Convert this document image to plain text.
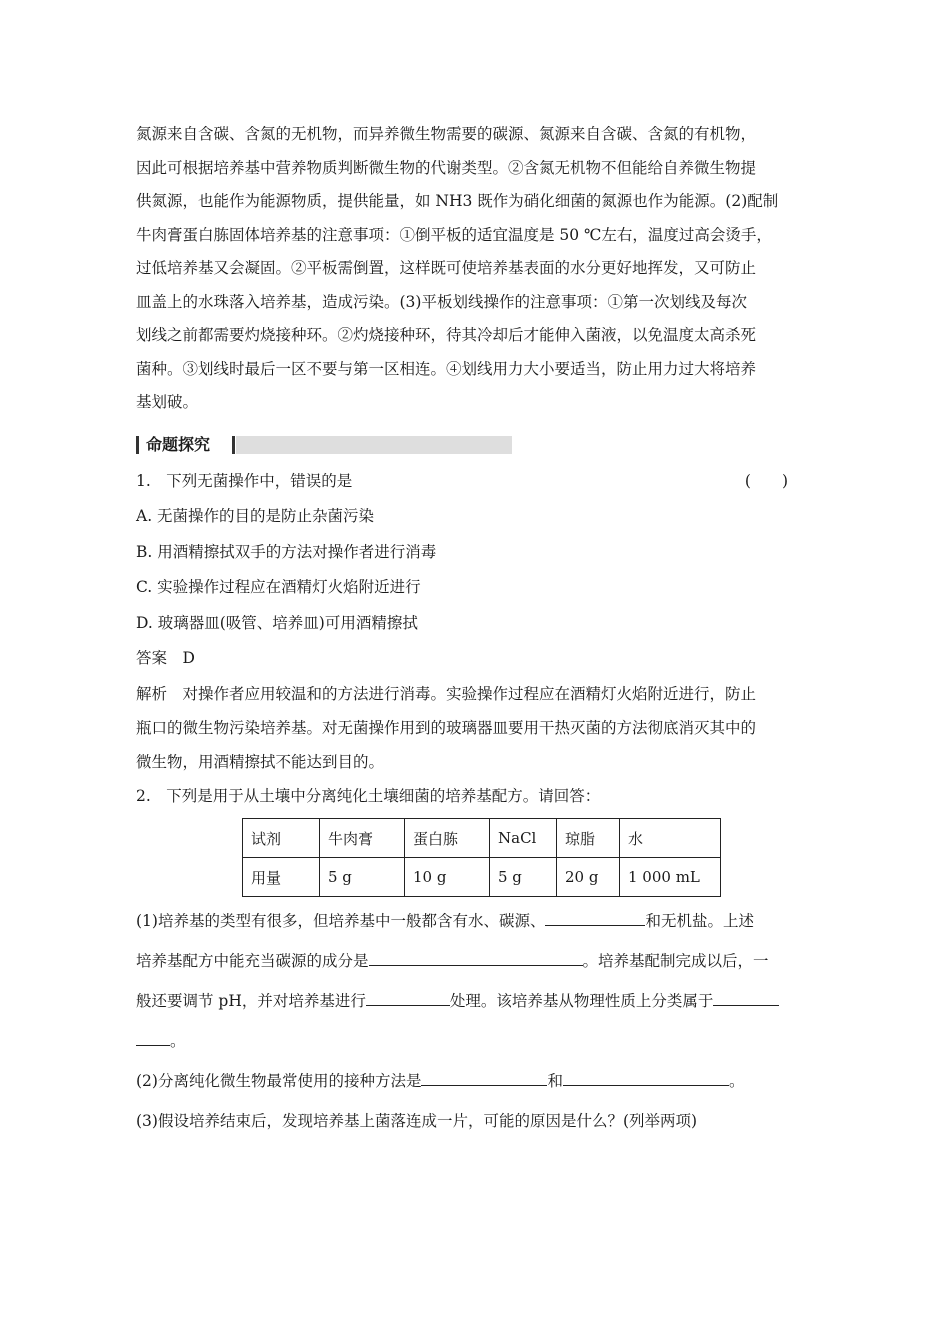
氮源来自含碳、含氮的无机物，而异养微生物需要的碳源、氮源来自含碳、含氮的有机物，

因此可根据培养基中营养物质判断微生物的代谢类型。②含氮无机物不但能给自养微生物提

供氮源，也能作为能源物质，提供能量，如 NH3 既作为硝化细菌的氮源也作为能源。(2)配制

牛肉膏蛋白胨固体培养基的注意事项：①倒平板的适宜温度是 50 ℃左右，温度过高会烫手，

过低培养基又会凝固。②平板需倒置，这样既可使培养基表面的水分更好地挥发，又可防止

皿盖上的水珠落入培养基，造成污染。(3)平板划线操作的注意事项：①第一次划线及每次

划线之前都需要灼烧接种环。②灼烧接种环，待其冷却后才能伸入菌液，以免温度太高杀死

菌种。③划线时最后一区不要与第一区相连。④划线用力大小要适当，防止用力过大将培养

基划破。

命题探究

1.　下列无菌操作中，错误的是	(　　)

A. 无菌操作的目的是防止杂菌污染

B. 用酒精擦拭双手的方法对操作者进行消毒

C. 实验操作过程应在酒精灯火焰附近进行

D. 玻璃器皿(吸管、培养皿)可用酒精擦拭

答案　D

解析　对操作者应用较温和的方法进行消毒。实验操作过程应在酒精灯火焰附近进行，防止

瓶口的微生物污染培养基。对无菌操作用到的玻璃器皿要用干热灭菌的方法彻底消灭其中的

微生物，用酒精擦拭不能达到目的。

2.　下列是用于从土壤中分离纯化土壤细菌的培养基配方。请回答：

试剂	牛肉膏	蛋白胨	NaCl	琼脂	水
用量	5 g	10 g	5 g	20 g	1 000 mL

(1)培养基的类型有很多，但培养基中一般都含有水、碳源、	和无机盐。上述

培养基配方中能充当碳源的成分是	。培养基配制完成以后，一

般还要调节 pH，并对培养基进行	处理。该培养基从物理性质上分类属于

。

(2)分离纯化微生物最常使用的接种方法是	和	。

(3)假设培养结束后，发现培养基上菌落连成一片，可能的原因是什么？(列举两项)
